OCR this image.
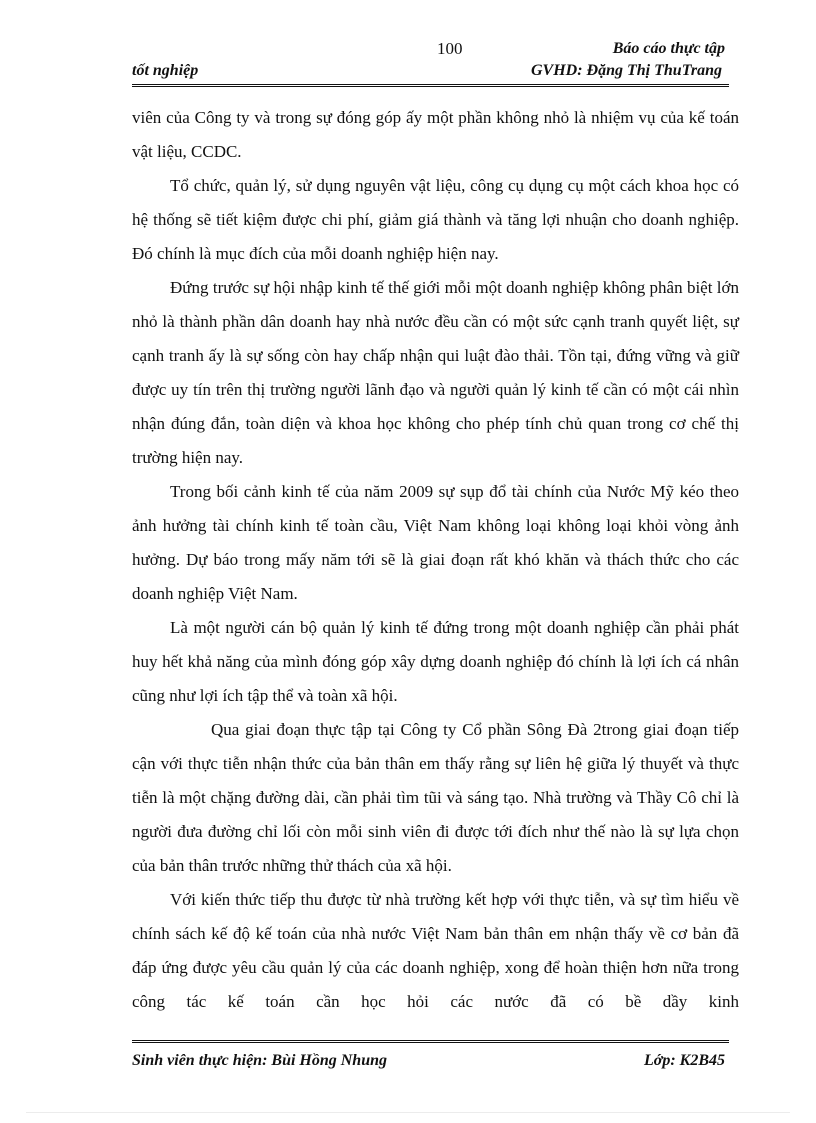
100	Báo cáo thực tập
tốt nghiệp	GVHD: Đặng Thị ThuTrang

viên của Công ty và trong sự đóng góp ấy một phần không nhỏ là nhiệm vụ của kế toán vật liệu, CCDC.

Tổ chức, quản lý, sử dụng nguyên vật liệu, công cụ dụng cụ một cách khoa học có hệ thống sẽ tiết kiệm được chi phí, giảm giá thành và tăng lợi nhuận cho doanh nghiệp. Đó chính là mục đích của mỗi doanh nghiệp hiện nay.

Đứng trước sự hội nhập kinh tế thế giới mỗi một doanh nghiệp không phân biệt lớn nhỏ là thành phần dân doanh hay nhà nước đều cần có một sức cạnh tranh quyết liệt, sự cạnh tranh ấy là sự sống còn hay chấp nhận qui luật đào thải. Tồn tại, đứng vững và giữ được uy tín trên thị trường người lãnh đạo và người quản lý kinh tế cần có một cái nhìn nhận đúng đắn, toàn diện và khoa học không cho phép tính chủ quan trong cơ chế thị trường hiện nay.

Trong bối cảnh kinh tế của năm 2009 sự sụp đổ tài chính của Nước Mỹ kéo theo ảnh hưởng tài chính kinh tế toàn cầu, Việt Nam không loại không loại khỏi vòng ảnh hưởng. Dự báo trong mấy năm tới sẽ là giai đoạn rất khó khăn và thách thức cho các doanh nghiệp Việt Nam.

Là một người cán bộ quản lý kinh tế đứng trong một doanh nghiệp cần phải phát huy hết khả năng của mình đóng góp xây dựng doanh nghiệp đó chính là lợi ích cá nhân cũng như lợi ích tập thể và toàn xã hội.

Qua giai đoạn thực tập tại Công ty Cổ phần Sông Đà 2trong giai đoạn tiếp cận với thực tiễn nhận thức của bản thân em thấy rằng sự liên hệ giữa lý thuyết và thực tiễn là một chặng đường dài, cần phải tìm tũi và sáng tạo. Nhà trường và Thầy Cô chỉ là người đưa đường chỉ lối còn mỗi sinh viên đi được tới đích như thế nào là sự lựa chọn của bản thân trước những thử thách của xã hội.

Với kiến thức tiếp thu được từ nhà trường kết hợp với thực tiễn, và sự tìm hiểu về chính sách kế độ kế toán của nhà nước Việt Nam bản thân em nhận thấy về cơ bản đã đáp ứng được yêu cầu quản lý của các doanh nghiệp, xong để hoàn thiện hơn nữa trong công tác kế toán cần học hỏi các nước đã có bề dầy kinh

Sinh viên thực hiện: Bùi Hồng Nhung	Lớp: K2B45
